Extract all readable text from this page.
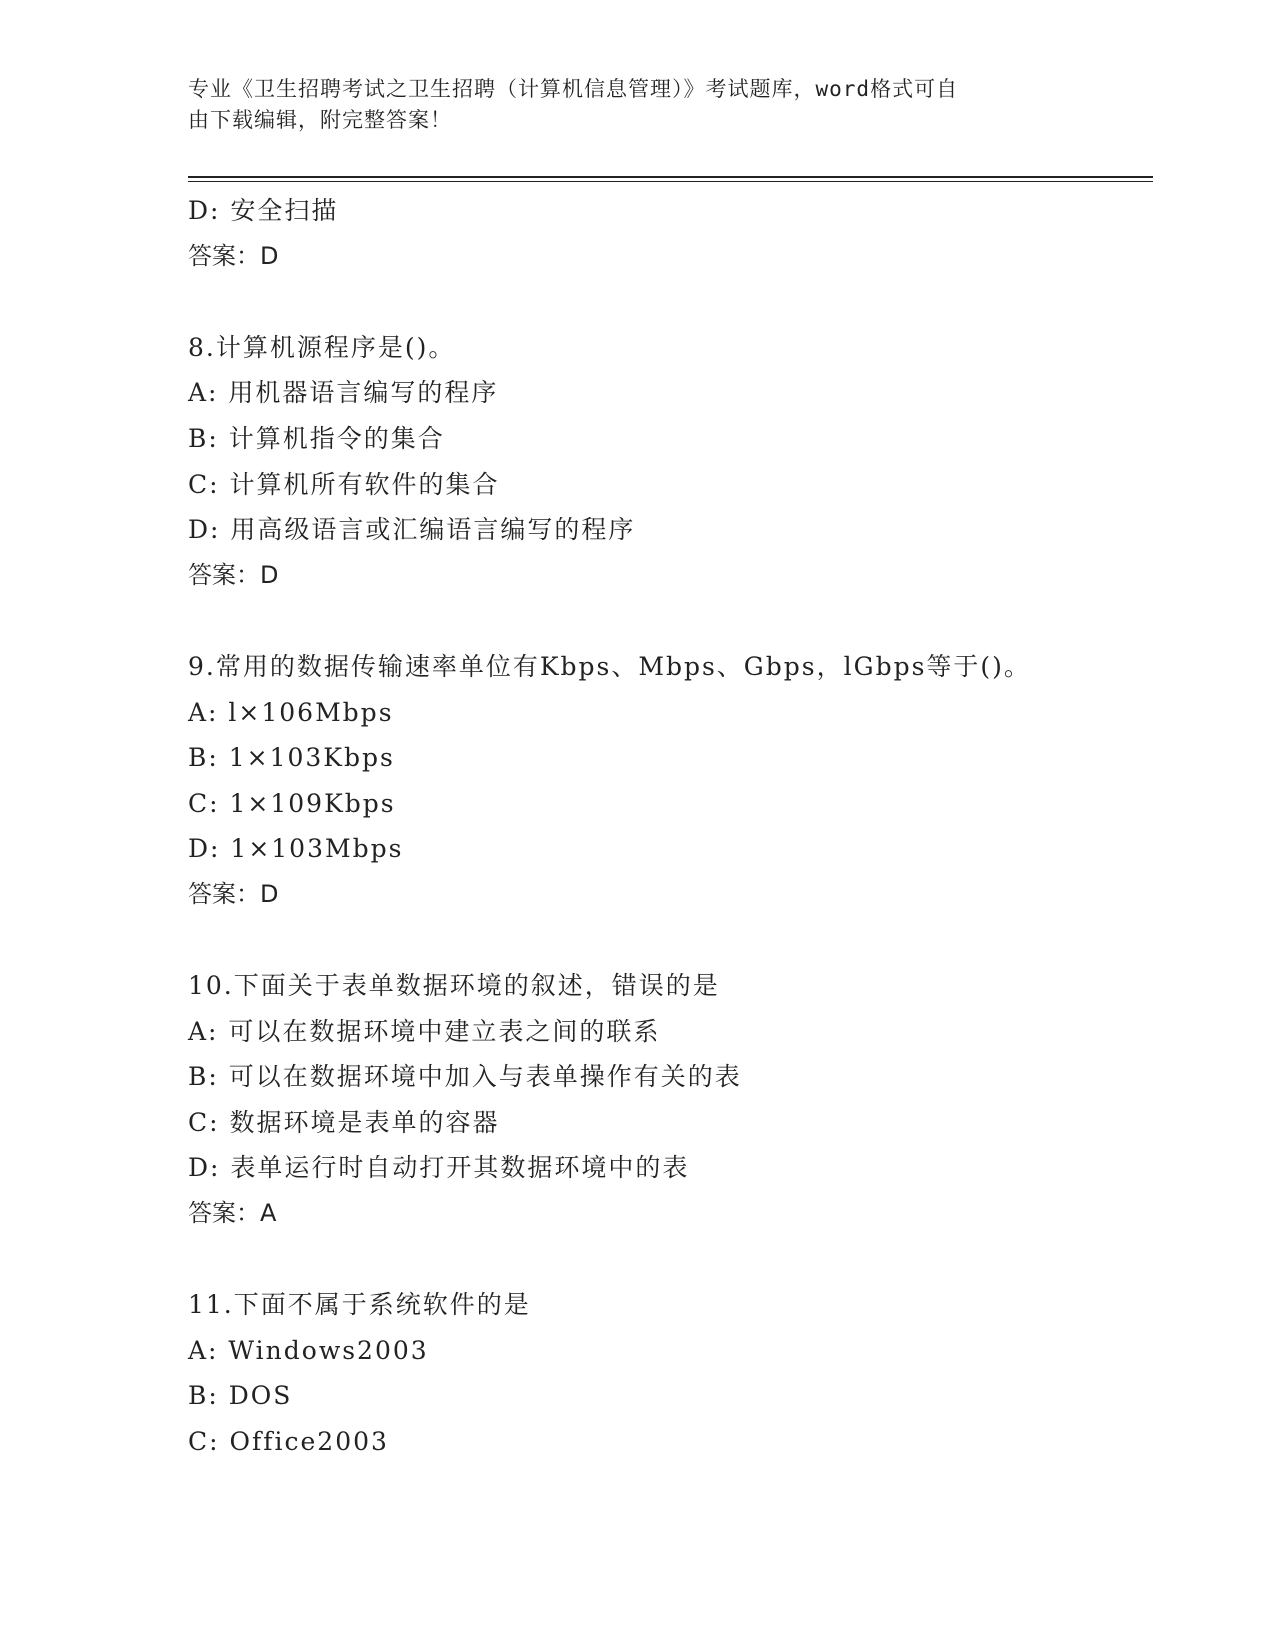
专业《卫生招聘考试之卫生招聘（计算机信息管理）》考试题库，word格式可自
由下载编辑，附完整答案！
D: 安全扫描
答案：D
8.计算机源程序是()。
A: 用机器语言编写的程序
B: 计算机指令的集合
C: 计算机所有软件的集合
D: 用高级语言或汇编语言编写的程序
答案：D
9.常用的数据传输速率单位有Kbps、Mbps、Gbps，lGbps等于()。
A: l×106Mbps
B: 1×103Kbps
C: 1×109Kbps
D: 1×103Mbps
答案：D
10.下面关于表单数据环境的叙述，错误的是
A: 可以在数据环境中建立表之间的联系
B: 可以在数据环境中加入与表单操作有关的表
C: 数据环境是表单的容器
D: 表单运行时自动打开其数据环境中的表
答案：A
11.下面不属于系统软件的是
A: Windows2003
B: DOS
C: Office2003
